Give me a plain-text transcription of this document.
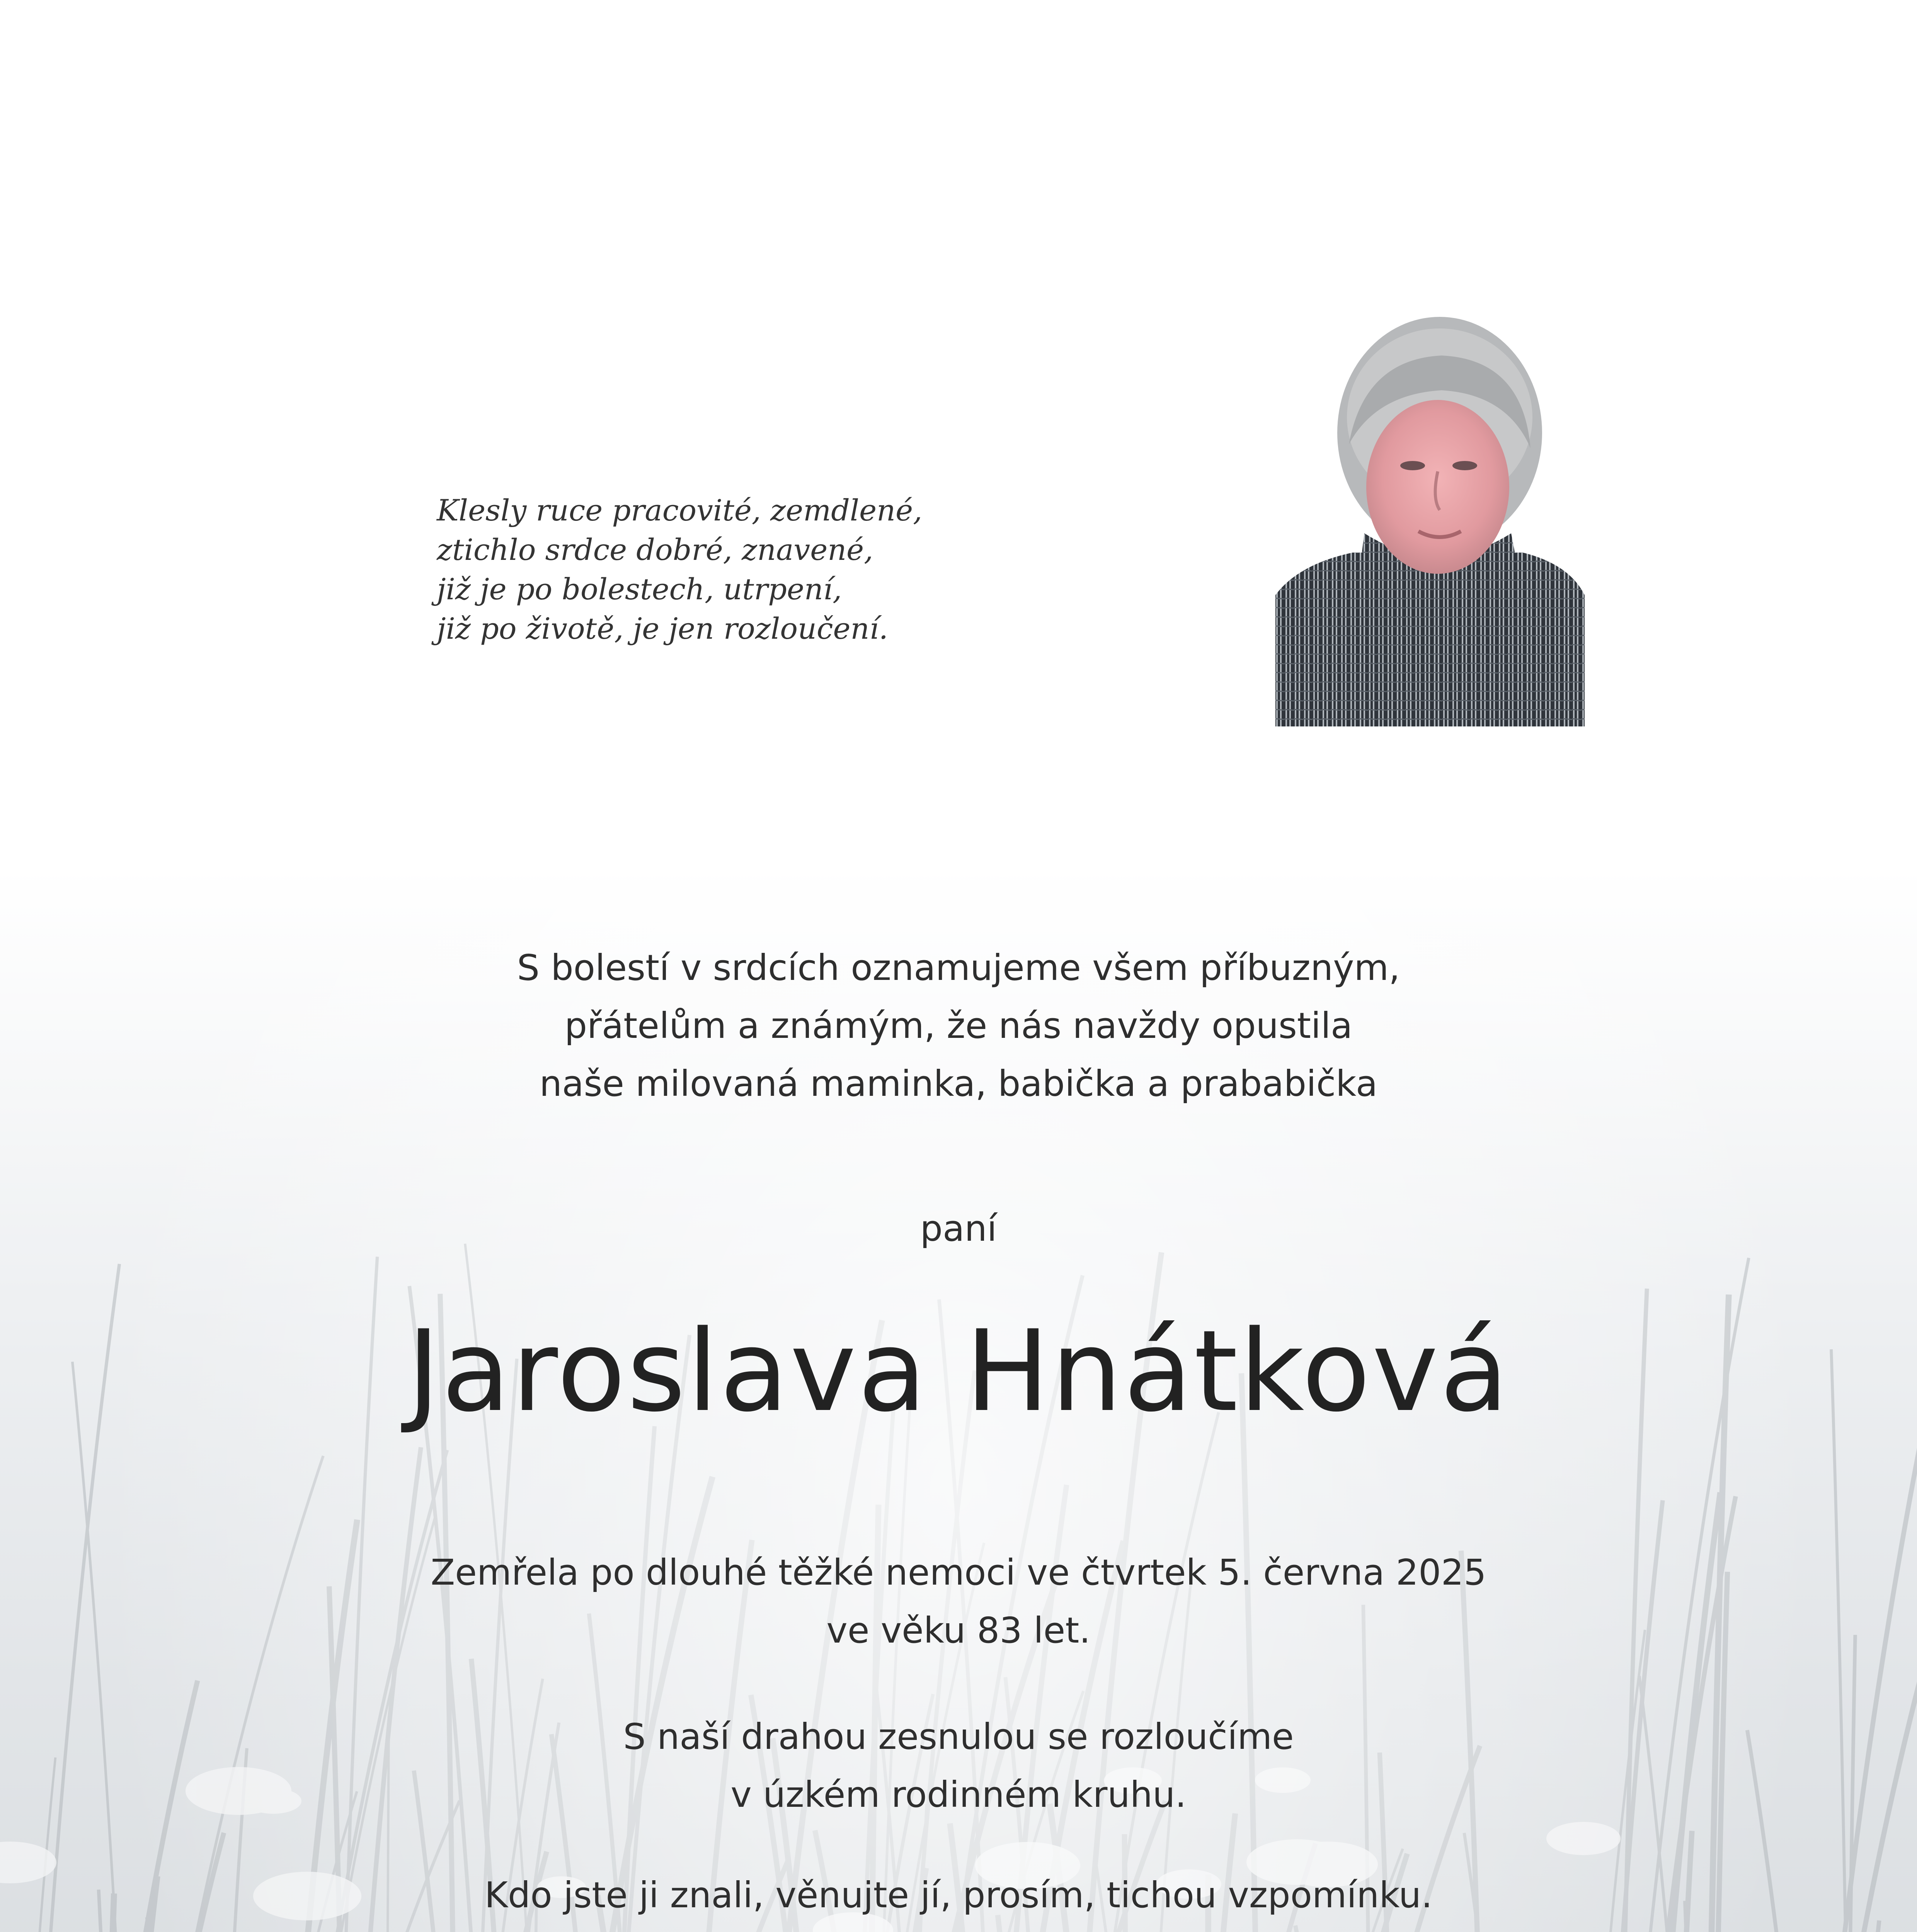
Klesly ruce pracovité, zemdlené,
ztichlo srdce dobré, znavené,
již je po bolestech, utrpení,
již po životě, je jen rozloučení.
S bolestí v srdcích oznamujeme všem příbuzným,
přátelům a známým, že nás navždy opustila
naše milovaná maminka, babička a prababička
paní
Jaroslava Hnátková
Zemřela po dlouhé těžké nemoci ve čtvrtek 5. června 2025
ve věku 83 let.
S naší drahou zesnulou se rozloučíme
v úzkém rodinném kruhu.
Kdo jste ji znali, věnujte jí, prosím, tichou vzpomínku.
